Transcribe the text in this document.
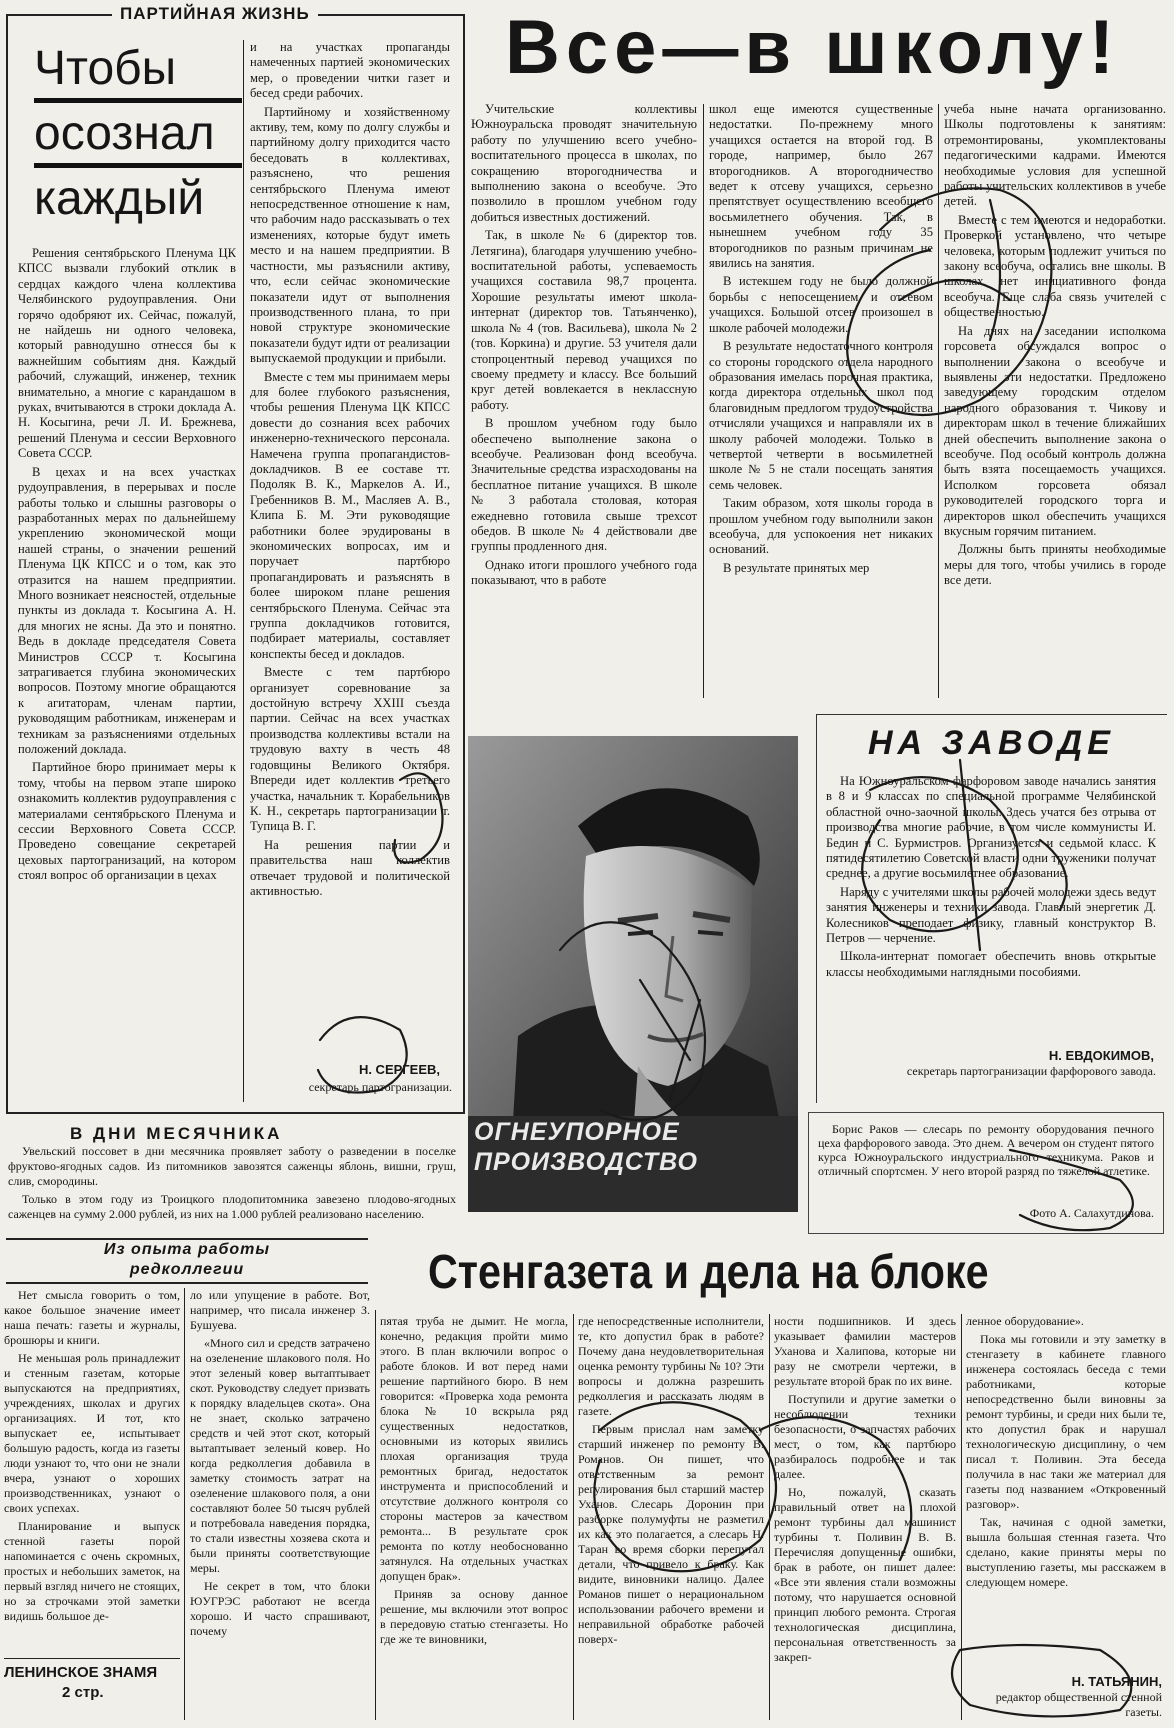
ПАРТИЙНАЯ ЖИЗНЬ
Чтобы
осознал
каждый

Решения сентябрьского Пленума ЦК КПСС вызвали глубокий отклик в сердцах каждого члена коллектива Челябинского рудоуправления. Они горячо одобряют их. Сейчас, пожалуй, не найдешь ни одного человека, который равнодушно отнесся бы к важнейшим событиям дня. Каждый рабочий, служащий, инженер, техник внимательно, а многие с карандашом в руках, вчитываются в строки доклада А. Н. Косыгина, речи Л. И. Брежнева, решений Пленума и сессии Верховного Совета СССР.

В цехах и на всех участках рудоуправления, в перерывах и после работы только и слышны разговоры о разработанных мерах по дальнейшему укреплению экономической мощи нашей страны, о значении решений Пленума ЦК КПСС и о том, как это отразится на нашем предприятии. Много возникает неясностей, отдельные пункты из доклада т. Косыгина А. Н. для многих не ясны. Да это и понятно. Ведь в докладе председателя Совета Министров СССР т. Косыгина затрагивается глубина экономических вопросов. Поэтому многие обращаются к агитаторам, членам партии, руководящим работникам, инженерам и техникам за разъяснениями отдельных положений доклада.

Партийное бюро принимает меры к тому, чтобы на первом этапе широко ознакомить коллектив рудоуправления с материалами сентябрьского Пленума и сессии Верховного Совета СССР. Проведено совещание секретарей цеховых партогранизаций, на котором стоял вопрос об организации в цехах

и на участках пропаганды намеченных партией экономических мер, о проведении читки газет и бесед среди рабочих.

Партийному и хозяйственному активу, тем, кому по долгу службы и партийному долгу приходится часто беседовать в коллективах, разъяснено, что решения сентябрьского Пленума имеют непосредственное отношение к нам, что рабочим надо рассказывать о тех изменениях, которые будут иметь место и на нашем предприятии. В частности, мы разъяснили активу, что, если сейчас экономические показатели идут от выполнения производственного плана, то при новой структуре экономические показатели будут идти от реализации выпускаемой продукции и прибыли.

Вместе с тем мы принимаем меры для более глубокого разъяснения, чтобы решения Пленума ЦК КПСС довести до сознания всех рабочих инженерно-технического персонала. Намечена группа пропагандистов-докладчиков. В ее составе тт. Подоляк В. К., Маркелов А. И., Гребенников В. М., Масляев А. В., Клипа Б. М. Эти руководящие работники более эрудированы в экономических вопросах, им и поручает партбюро пропагандировать и разъяснять в более широком плане решения сентябрьского Пленума. Сейчас эта группа докладчиков готовится, подбирает материалы, составляет конспекты бесед и докладов.

Вместе с тем партбюро организует соревнование за достойную встречу XXIII съезда партии. Сейчас на всех участках производства коллективы встали на трудовую вахту в честь 48 годовщины Великого Октября. Впереди идет коллектив третьего участка, начальник т. Корабельников К. Н., секретарь партогранизации т. Тупица В. Г.

На решения партии и правительства наш коллектив отвечает трудовой и политической активностью.

Н. СЕРГЕЕВ,
секретарь партогранизации.
В ДНИ МЕСЯЧНИКА

Увельский поссовет в дни месячника проявляет заботу о разведении в поселке фруктово-ягодных садов. Из питомников завозятся саженцы яблонь, вишни, груш, слив, смородины.

Только в этом году из Троицкого плодопитомника завезено плодово-ягодных саженцев на сумму 2.000 рублей, из них на 1.000 рублей реализовано населению.

Все—в школу!

Учительские коллективы Южноуральска проводят значительную работу по улучшению всего учебно-воспитательного процесса в школах, по сокращению второгодничества и выполнению закона о всеобуче. Это позволило в прошлом учебном году добиться известных достижений.

Так, в школе № 6 (директор тов. Летягина), благодаря улучшению учебно-воспитательной работы, успеваемость учащихся составила 98,7 процента. Хорошие результаты имеют школа-интернат (директор тов. Татьянченко), школа № 4 (тов. Васильева), школа № 2 (тов. Коркина) и другие. 53 учителя дали стопроцентный перевод учащихся по своему предмету и классу. Все больший круг детей вовлекается в неклассную работу.

В прошлом учебном году было обеспечено выполнение закона о всеобуче. Реализован фонд всеобуча. Значительные средства израсходованы на бесплатное питание учащихся. В школе № 3 работала столовая, которая ежедневно готовила свыше трехсот обедов. В школе № 4 действовали две группы продленного дня.

Однако итоги прошлого учебного года показывают, что в работе

школ еще имеются существенные недостатки. По-прежнему много учащихся остается на второй год. В городе, например, было 267 второгодников. А второгодничество ведет к отсеву учащихся, серьезно препятствует осуществлению всеобщего восьмилетнего обучения. Так, в нынешнем учебном году 35 второгодников по разным причинам не явились на занятия.

В истекшем году не было должной борьбы с непосещением и отсевом учащихся. Большой отсев произошел в школе рабочей молодежи.

В результате недостаточного контроля со стороны городского отдела народного образования имелась порочная практика, когда директора отдельных школ под благовидным предлогом трудоустройства отчисляли учащихся и направляли их в школу рабочей молодежи. Только в четвертой четверти в восьмилетней школе № 5 не стали посещать занятия семь человек.

Таким образом, хотя школы города в прошлом учебном году выполнили закон всеобуча, для успокоения нет никаких оснований.

В результате принятых мер

учеба ныне начата организованно. Школы подготовлены к занятиям: отремонтированы, укомплектованы педагогическими кадрами. Имеются необходимые условия для успешной работы учительских коллективов в учебе детей.

Вместе с тем имеются и недоработки. Проверкой установлено, что четыре человека, которым подлежит учиться по закону всеобуча, остались вне школы. В школах нет инициативного фонда всеобуча. Еще слаба связь учителей с общественностью.

На днях на заседании исполкома горсовета обсуждался вопрос о выполнении закона о всеобуче и выявлены эти недостатки. Предложено заведующему городским отделом народного образования т. Чикову и директорам школ в течение ближайших дней обеспечить выполнение закона о всеобуче. Под особый контроль должна быть взята посещаемость учащихся. Исполком горсовета обязал руководителей городского торга и директоров школ обеспечить учащихся вкусным горячим питанием.

Должны быть приняты необходимые меры для того, чтобы учились в городе все дети.

ОГНЕУПОРНОЕ
ПРОИЗВОДСТВО
НА ЗАВОДЕ

На Южноуральском фарфоровом заводе начались занятия в 8 и 9 классах по специальной программе Челябинской областной очно-заочной школы. Здесь учатся без отрыва от производства многие рабочие, в том числе коммунисты И. Бедин и С. Бурмистров. Организуется и седьмой класс. К пятидесятилетию Советской власти одни труженики получат среднее, а другие восьмилетнее образование.

Наряду с учителями школы рабочей молодежи здесь ведут занятия инженеры и техники завода. Главный энергетик Д. Колесников преподает физику, главный конструктор В. Петров — черчение.

Школа-интернат помогает обеспечить вновь открытые классы необходимыми наглядными пособиями.

Н. ЕВДОКИМОВ,
секретарь партогранизации фарфорового завода.

Борис Раков — слесарь по ремонту оборудования печного цеха фарфорового завода. Это днем. А вечером он студент пятого курса Южноуральского индустриального техникума. Раков и отличный спортсмен. У него второй разряд по тяжелой атлетике.

Фото А. Салахутдинова.
Из опыта работы
редколлегии	Стенгазета и дела на блоке

Нет смысла говорить о том, какое большое значение имеет наша печать: газеты и журналы, брошюры и книги.

Не меньшая роль принадлежит и стенным газетам, которые выпускаются на предприятиях, учреждениях, школах и других организациях. И тот, кто выпускает ее, испытывает большую радость, когда из газеты люди узнают то, что они не знали вчера, узнают о хороших производственниках, узнают о своих успехах.

Планирование и выпуск стенной газеты порой напоминается с очень скромных, простых и небольших заметок, на первый взгляд ничего не стоящих, но за строчками этой заметки видишь большое де-

ЛЕНИНСКОЕ ЗНАМЯ
2 стр.

ло или упущение в работе. Вот, например, что писала инженер З. Бушуева.

«Много сил и средств затрачено на озеленение шлакового поля. Но этот зеленый ковер вытаптывает скот. Руководству следует призвать к порядку владельцев скота». Она не знает, сколько затрачено средств и чей этот скот, который вытаптывает зеленый ковер. Но когда редколлегия добавила в заметку стоимость затрат на озеленение шлакового поля, а они составляют более 50 тысяч рублей и потребовала наведения порядка, то стали известны хозяева скота и были приняты соответствующие меры.

Не секрет в том, что блоки ЮУГРЭС работают не всегда хорошо. И часто спрашивают, почему

пятая труба не дымит. Не могла, конечно, редакция пройти мимо этого. В план включили вопрос о работе блоков. И вот перед нами решение партийного бюро. В нем говорится: «Проверка хода ремонта блока № 10 вскрыла ряд существенных недостатков, основными из которых явились плохая организация труда ремонтных бригад, недостаток инструмента и приспособлений и отсутствие должного контроля со стороны мастеров за качеством ремонта... В результате срок ремонта по котлу необоснованно затянулся. На отдельных участках допущен брак».

Приняв за основу данное решение, мы включили этот вопрос в передовую статью стенгазеты. Но где же те виновники,

где непосредственные исполнители, те, кто допустил брак в работе? Почему дана неудовлетворительная оценка ремонту турбины № 10? Эти вопросы и должна разрешить редколлегия и рассказать людям в газете.

Первым прислал нам заметку старший инженер по ремонту В. Романов. Он пишет, что ответственным за ремонт регулирования был старший мастер Уханов. Слесарь Доронин при разборке полумуфты не разметил их как это полагается, а слесарь Н. Таран во время сборки перепутал детали, что привело к браку. Как видите, виновники налицо. Далее Романов пишет о нерациональном использовании рабочего времени и неправильной обработке рабочей поверх-

ности подшипников. И здесь указывает фамилии мастеров Уханова и Халипова, которые ни разу не смотрели чертежи, в результате второй брак по их вине.

Поступили и другие заметки о несоблюдении техники безопасности, о запчастях рабочих мест, о том, как партбюро разбиралось подробнее и так далее.

Но, пожалуй, сказать правильный ответ на плохой ремонт турбины дал машинист турбины т. Поливин В. В. Перечисляя допущенные ошибки, брак в работе, он пишет далее: «Все эти явления стали возможны потому, что нарушается основной принцип любого ремонта. Строгая технологическая дисциплина, персональная ответственность за закреп-

ленное оборудование».

Пока мы готовили и эту заметку в стенгазету в кабинете главного инженера состоялась беседа с теми работниками, которые непосредственно были виновны за ремонт турбины, и среди них были те, кто допустил брак и нарушал технологическую дисциплину, о чем писал т. Поливин. Эта беседа получила в нас таки же материал для газеты под названием «Откровенный разговор».

Так, начиная с одной заметки, вышла большая стенная газета. Что сделано, какие приняты меры по выступлению газеты, мы расскажем в следующем номере.

Н. ТАТЬЯНИН,
редактор общественной стенной газеты.
